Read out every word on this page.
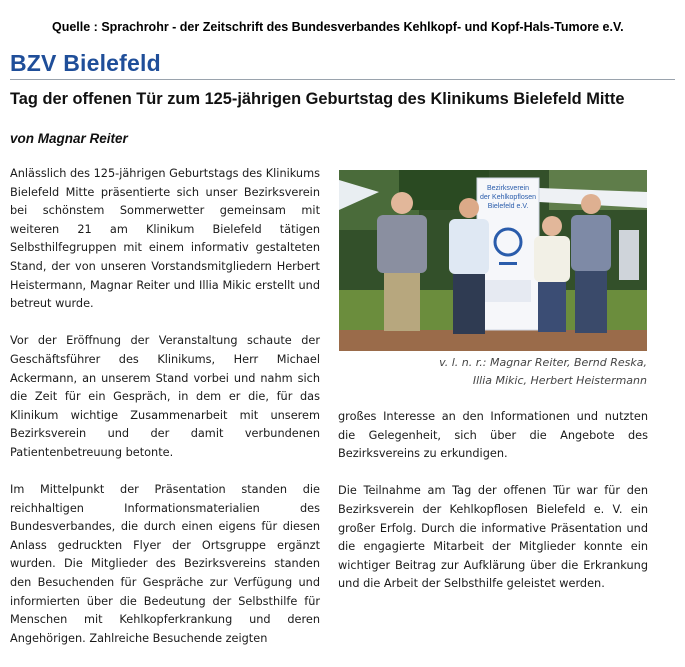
Quelle : Sprachrohr - der Zeitschrift des Bundesverbandes Kehlkopf- und Kopf-Hals-Tumore e.V.
BZV Bielefeld
Tag der offenen Tür zum 125-jährigen Geburtstag des Klinikums Bielefeld Mitte
von Magnar Reiter

Anlässlich des 125-jährigen Geburtstags des Klinikums Bielefeld Mitte präsentierte sich unser Bezirksverein bei schönstem Sommerwetter gemeinsam mit weiteren 21 am Klinikum Bielefeld tätigen Selbsthilfegruppen mit einem informativ gestalteten Stand, der von unseren Vorstandsmitgliedern Herbert Heistermann, Magnar Reiter und Illia Mikic erstellt und betreut wurde.

Vor der Eröffnung der Veranstaltung schaute der Geschäftsführer des Klinikums, Herr Michael Ackermann, an unserem Stand vorbei und nahm sich die Zeit für ein Gespräch, in dem er die, für das Klinikum wichtige Zusammenarbeit mit unserem Bezirksverein und der damit verbundenen Patientenbetreuung betonte.

Im Mittelpunkt der Präsentation standen die reichhaltigen Informationsmaterialien des Bundesverbandes, die durch einen eigens für diesen Anlass gedruckten Flyer der Ortsgruppe ergänzt wurden. Die Mitglieder des Bezirksvereins standen den Besuchenden für Gespräche zur Verfügung und informierten über die Bedeutung der Selbsthilfe für Menschen mit Kehlkopferkrankung und deren Angehörigen. Zahlreiche Besuchende zeigten

Bezirksverein
der Kehlkopflosen
Bielefeld e.V.
v. l. n. r.: Magnar Reiter, Bernd Reska,
Illia Mikic, Herbert Heistermann

großes Interesse an den Informationen und nutzten die Gelegenheit, sich über die Angebote des Bezirksvereins zu erkundigen.

Die Teilnahme am Tag der offenen Tür war für den Bezirksverein der Kehlkopflosen Bielefeld e. V. ein großer Erfolg. Durch die informative Präsentation und die engagierte Mitarbeit der Mitglieder konnte ein wichtiger Beitrag zur Aufklärung über die Erkrankung und die Arbeit der Selbsthilfe geleistet werden.
